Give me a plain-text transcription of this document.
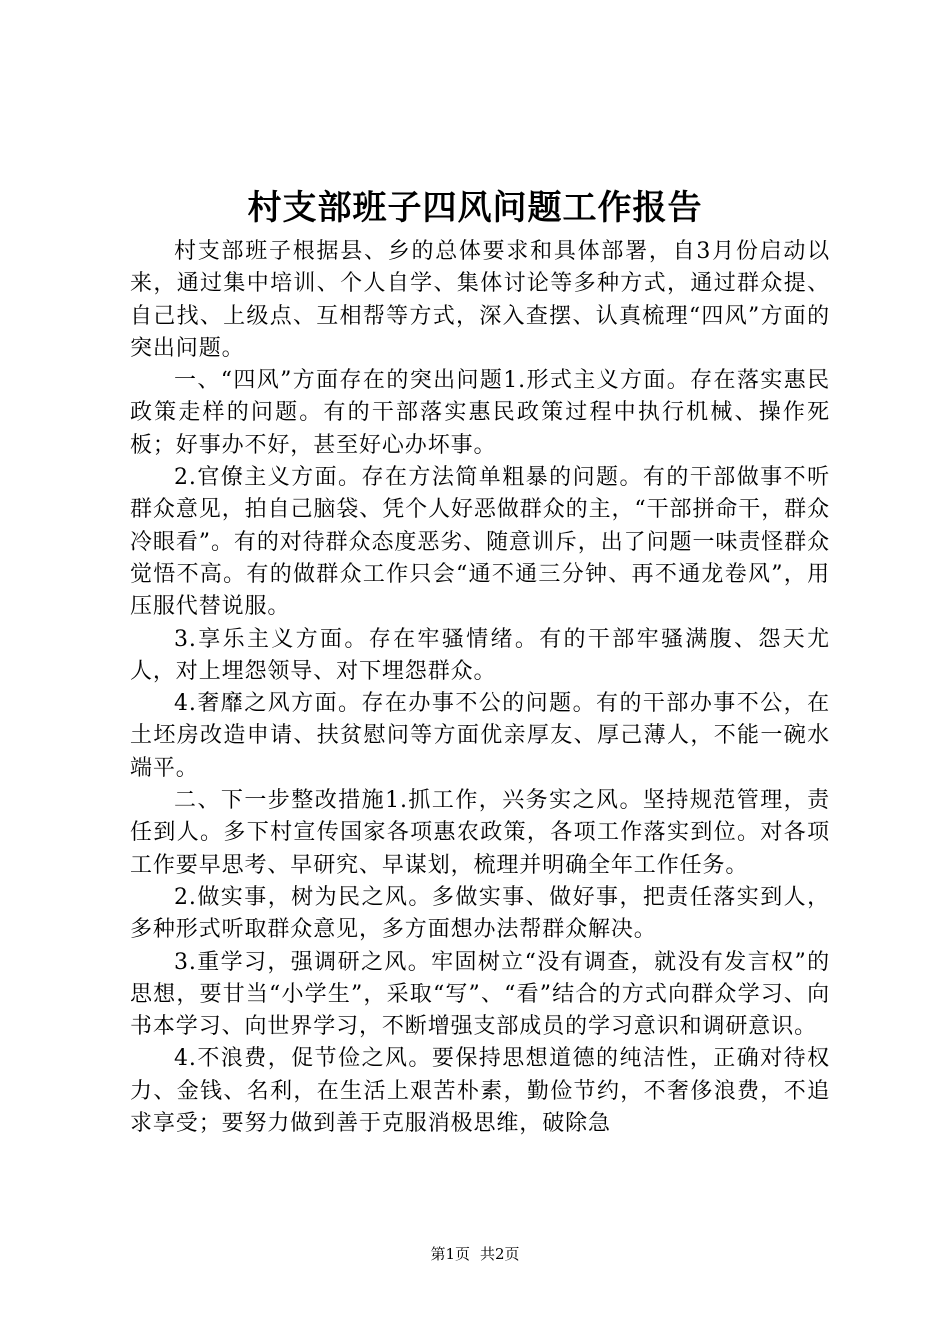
村支部班子四风问题工作报告

村支部班子根据县、乡的总体要求和具体部署，自3月份启动以来，通过集中培训、个人自学、集体讨论等多种方式，通过群众提、自己找、上级点、互相帮等方式，深入查摆、认真梳理“四风”方面的突出问题。

一、“四风”方面存在的突出问题1.形式主义方面。存在落实惠民政策走样的问题。有的干部落实惠民政策过程中执行机械、操作死板；好事办不好，甚至好心办坏事。

2.官僚主义方面。存在方法简单粗暴的问题。有的干部做事不听群众意见，拍自己脑袋、凭个人好恶做群众的主，“干部拼命干，群众冷眼看”。有的对待群众态度恶劣、随意训斥，出了问题一味责怪群众觉悟不高。有的做群众工作只会“通不通三分钟、再不通龙卷风”，用压服代替说服。

3.享乐主义方面。存在牢骚情绪。有的干部牢骚满腹、怨天尤人，对上埋怨领导、对下埋怨群众。

4.奢靡之风方面。存在办事不公的问题。有的干部办事不公，在土坯房改造申请、扶贫慰问等方面优亲厚友、厚己薄人，不能一碗水端平。

二、下一步整改措施1.抓工作，兴务实之风。坚持规范管理，责任到人。多下村宣传国家各项惠农政策，各项工作落实到位。对各项工作要早思考、早研究、早谋划，梳理并明确全年工作任务。

2.做实事，树为民之风。多做实事、做好事，把责任落实到人，多种形式听取群众意见，多方面想办法帮群众解决。

3.重学习，强调研之风。牢固树立“没有调查，就没有发言权”的思想，要甘当“小学生”，采取“写”、“看”结合的方式向群众学习、向书本学习、向世界学习，不断增强支部成员的学习意识和调研意识。

4.不浪费，促节俭之风。要保持思想道德的纯洁性，正确对待权力、金钱、名利，在生活上艰苦朴素，勤俭节约，不奢侈浪费，不追求享受；要努力做到善于克服消极思维，破除急

第1页 共2页
